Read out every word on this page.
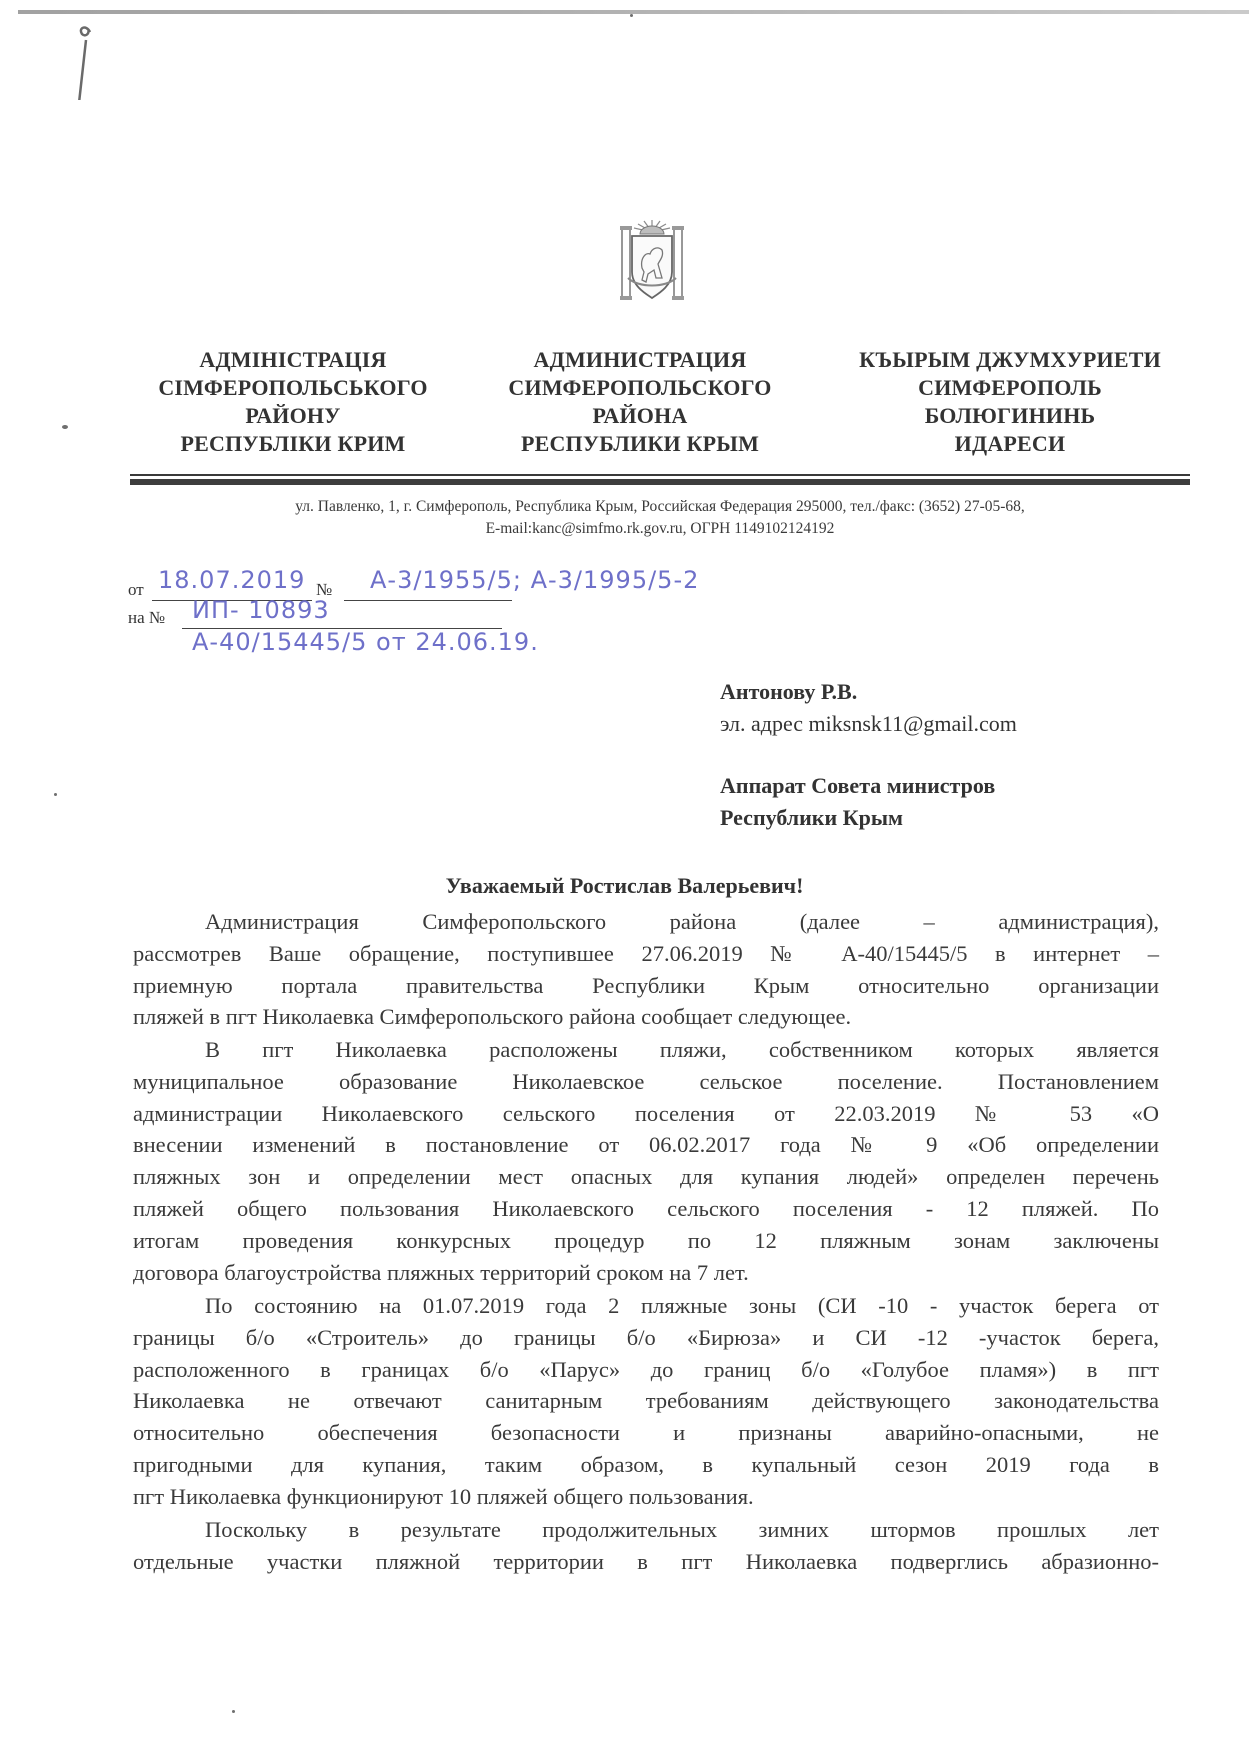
АДМІНІСТРАЦІЯ
СІМФЕРОПОЛЬСЬКОГО
РАЙОНУ
РЕСПУБЛІКИ КРИМ
АДМИНИСТРАЦИЯ
СИМФЕРОПОЛЬСКОГО
РАЙОНА
РЕСПУБЛИКИ КРЫМ
КЪЫРЫМ ДЖУМХУРИЕТИ
СИМФЕРОПОЛЬ
БОЛЮГИНИНЬ
ИДАРЕСИ
ул. Павленко, 1, г. Симферополь, Республика Крым, Российская Федерация 295000, тел./факс: (3652) 27-05-68,
E-mail:kanc@simfmo.rk.gov.ru, ОГРН 1149102124192
от 18.07.2019 № А-3/1955/5; А-3/1995/5-2
на № ИП- 10893
А-40/15445/5 от 24.06.19.
Антонову Р.В.
эл. адрес miksnsk11@gmail.com
Аппарат Совета министров
Республики Крым
Уважаемый Ростислав Валерьевич!
Администрация Симферопольского района (далее – администрация),
рассмотрев Ваше обращение, поступившее 27.06.2019 № А-40/15445/5 в интернет –
приемную портала правительства Республики Крым относительно организации
пляжей в пгт Николаевка Симферопольского района сообщает следующее.
В пгт Николаевка расположены пляжи, собственником которых является
муниципальное образование Николаевское сельское поселение. Постановлением
администрации Николаевского сельского поселения от 22.03.2019 № 53 «О
внесении изменений в постановление от 06.02.2017 года № 9 «Об определении
пляжных зон и определении мест опасных для купания людей» определен перечень
пляжей общего пользования Николаевского сельского поселения - 12 пляжей. По
итогам проведения конкурсных процедур по 12 пляжным зонам заключены
договора благоустройства пляжных территорий сроком на 7 лет.
По состоянию на 01.07.2019 года 2 пляжные зоны (СИ -10 - участок берега от
границы б/о «Строитель» до границы б/о «Бирюза» и СИ -12 -участок берега,
расположенного в границах б/о «Парус» до границ б/о «Голубое пламя») в пгт
Николаевка не отвечают санитарным требованиям действующего законодательства
относительно обеспечения безопасности и признаны аварийно-опасными, не
пригодными для купания, таким образом, в купальный сезон 2019 года в
пгт Николаевка функционируют 10 пляжей общего пользования.
Поскольку в результате продолжительных зимних штормов прошлых лет
отдельные участки пляжной территории в пгт Николаевка подверглись абразионно-
